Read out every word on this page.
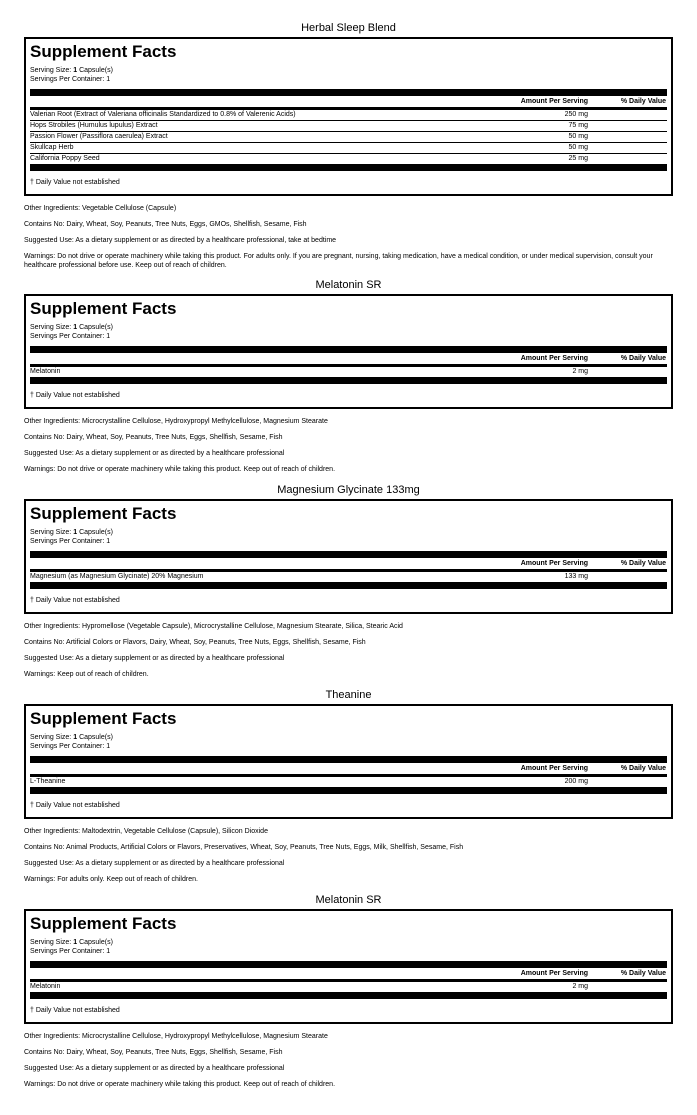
Herbal Sleep Blend
Supplement Facts
Serving Size: 1 Capsule(s)
Servings Per Container: 1
Amount Per Serving	% Daily Value
Valerian Root (Extract of Valeriana officinalis Standardized to 0.8% of Valerenic Acids)	250 mg
Hops Strobiles (Humulus lupulus) Extract	75 mg
Passion Flower (Passiflora caerulea) Extract	50 mg
Skullcap Herb	50 mg
California Poppy Seed	25 mg
† Daily Value not established
Other Ingredients: Vegetable Cellulose (Capsule)
Contains No: Dairy, Wheat, Soy, Peanuts, Tree Nuts, Eggs, GMOs, Shellfish, Sesame, Fish
Suggested Use: As a dietary supplement or as directed by a healthcare professional, take at bedtime
Warnings: Do not drive or operate machinery while taking this product. For adults only. If you are pregnant, nursing, taking medication, have a medical condition, or under medical supervision, consult your healthcare professional before use. Keep out of reach of children.
Melatonin SR
Supplement Facts
Serving Size: 1 Capsule(s)
Servings Per Container: 1
Amount Per Serving	% Daily Value
Melatonin	2 mg
† Daily Value not established
Other Ingredients: Microcrystalline Cellulose, Hydroxypropyl Methylcellulose, Magnesium Stearate
Contains No: Dairy, Wheat, Soy, Peanuts, Tree Nuts, Eggs, Shellfish, Sesame, Fish
Suggested Use: As a dietary supplement or as directed by a healthcare professional
Warnings: Do not drive or operate machinery while taking this product. Keep out of reach of children.
Magnesium Glycinate 133mg
Supplement Facts
Serving Size: 1 Capsule(s)
Servings Per Container: 1
Amount Per Serving	% Daily Value
Magnesium (as Magnesium Glycinate) 20% Magnesium	133 mg
† Daily Value not established
Other Ingredients: Hypromellose (Vegetable Capsule), Microcrystalline Cellulose, Magnesium Stearate, Silica, Stearic Acid
Contains No: Artificial Colors or Flavors, Dairy, Wheat, Soy, Peanuts, Tree Nuts, Eggs, Shellfish, Sesame, Fish
Suggested Use: As a dietary supplement or as directed by a healthcare professional
Warnings: Keep out of reach of children.
Theanine
Supplement Facts
Serving Size: 1 Capsule(s)
Servings Per Container: 1
Amount Per Serving	% Daily Value
L-Theanine	200 mg
† Daily Value not established
Other Ingredients: Maltodextrin, Vegetable Cellulose (Capsule), Silicon Dioxide
Contains No: Animal Products, Artificial Colors or Flavors, Preservatives, Wheat, Soy, Peanuts, Tree Nuts, Eggs, Milk, Shellfish, Sesame, Fish
Suggested Use: As a dietary supplement or as directed by a healthcare professional
Warnings: For adults only. Keep out of reach of children.
Melatonin SR
Supplement Facts
Serving Size: 1 Capsule(s)
Servings Per Container: 1
Amount Per Serving	% Daily Value
Melatonin	2 mg
† Daily Value not established
Other Ingredients: Microcrystalline Cellulose, Hydroxypropyl Methylcellulose, Magnesium Stearate
Contains No: Dairy, Wheat, Soy, Peanuts, Tree Nuts, Eggs, Shellfish, Sesame, Fish
Suggested Use: As a dietary supplement or as directed by a healthcare professional
Warnings: Do not drive or operate machinery while taking this product. Keep out of reach of children.
